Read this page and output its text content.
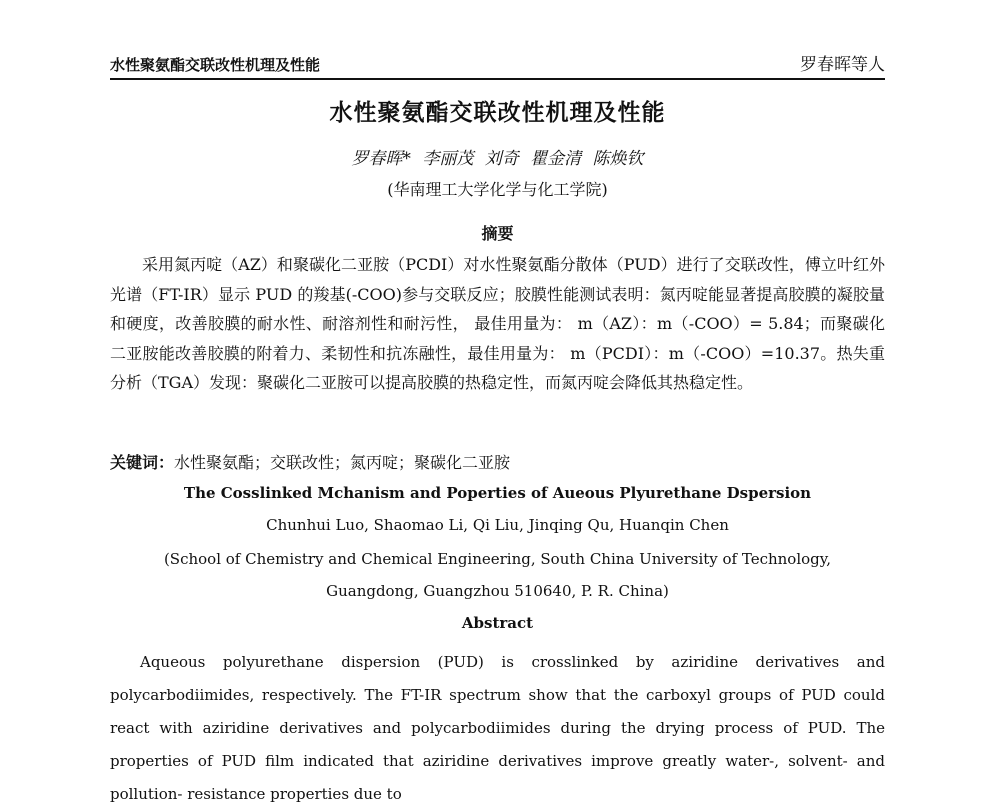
水性聚氨酯交联改性机理及性能	罗春晖等人
水性聚氨酯交联改性机理及性能
罗春晖* 李丽茂 刘奇 瞿金清 陈焕钦
(华南理工大学化学与化工学院)
摘要

采用氮丙啶（AZ）和聚碳化二亚胺（PCDI）对水性聚氨酯分散体（PUD）进行了交联改性，傅立叶红外光谱（FT-IR）显示 PUD 的羧基(-COO)参与交联反应；胶膜性能测试表明：氮丙啶能显著提高胶膜的凝胶量和硬度，改善胶膜的耐水性、耐溶剂性和耐污性， 最佳用量为： m（AZ）：m（-COO）= 5.84；而聚碳化二亚胺能改善胶膜的附着力、柔韧性和抗冻融性，最佳用量为： m（PCDI）：m（-COO）=10.37。热失重分析（TGA）发现：聚碳化二亚胺可以提高胶膜的热稳定性，而氮丙啶会降低其热稳定性。

关键词：水性聚氨酯；交联改性；氮丙啶；聚碳化二亚胺
The Cosslinked Mchanism and Poperties of Aueous Plyurethane Dspersion
Chunhui Luo, Shaomao Li, Qi Liu, Jinqing Qu, Huanqin Chen
(School of Chemistry and Chemical Engineering, South China University of Technology,
Guangdong, Guangzhou 510640, P. R. China)
Abstract

Aqueous polyurethane dispersion (PUD) is crosslinked by aziridine derivatives and polycarbodiimides, respectively. The FT-IR spectrum show that the carboxyl groups of PUD could react with aziridine derivatives and polycarbodiimides during the drying process of PUD. The properties of PUD film indicated that aziridine derivatives improve greatly water-, solvent- and pollution- resistance properties due to
